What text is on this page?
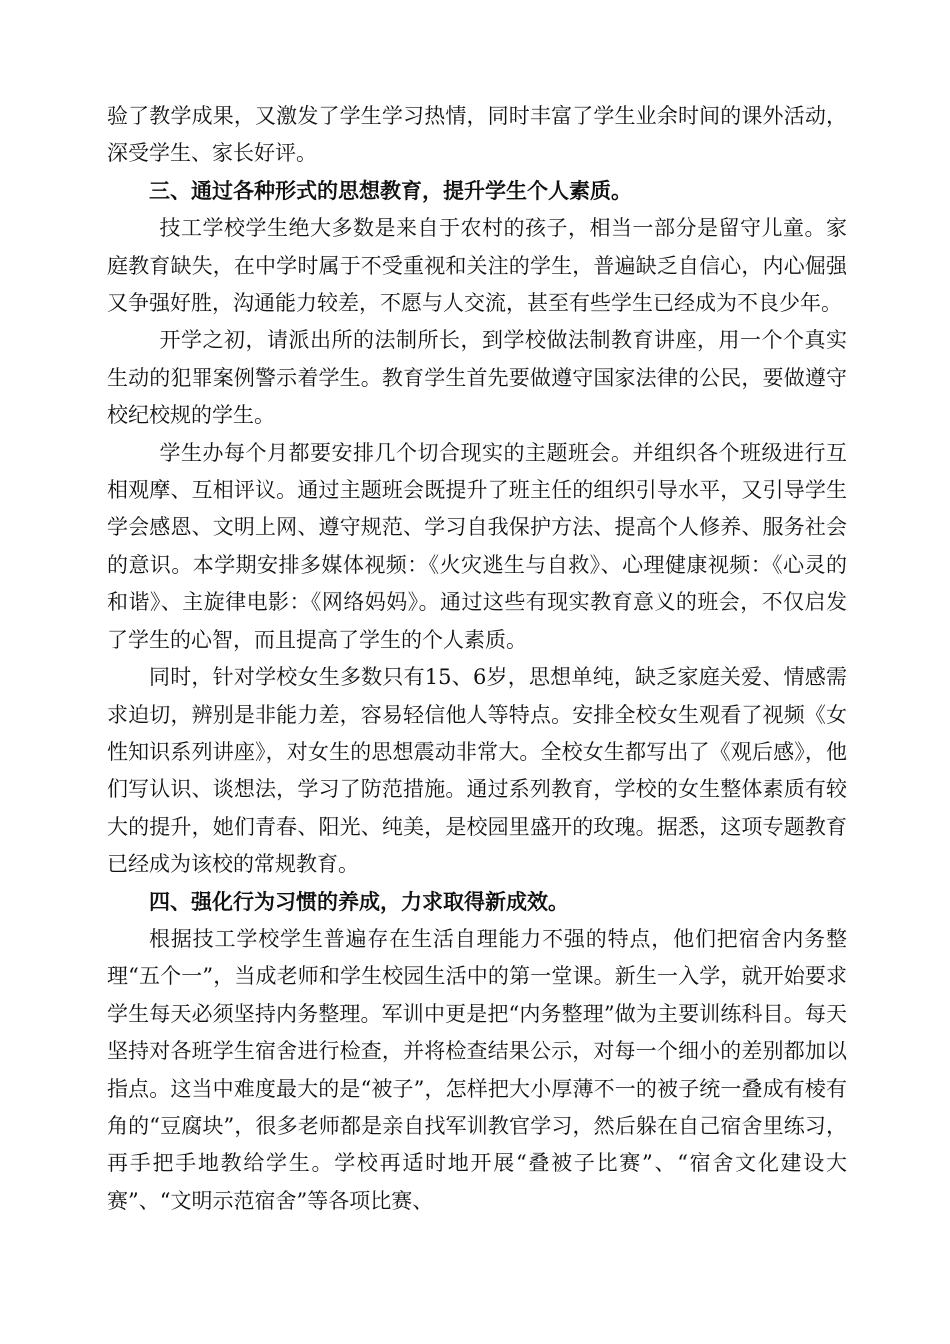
验了教学成果，又激发了学生学习热情，同时丰富了学生业余时间的课外活动，深受学生、家长好评。

三、通过各种形式的思想教育，提升学生个人素质。

技工学校学生绝大多数是来自于农村的孩子，相当一部分是留守儿童。家庭教育缺失，在中学时属于不受重视和关注的学生，普遍缺乏自信心，内心倔强又争强好胜，沟通能力较差，不愿与人交流，甚至有些学生已经成为不良少年。

开学之初，请派出所的法制所长，到学校做法制教育讲座，用一个个真实生动的犯罪案例警示着学生。教育学生首先要做遵守国家法律的公民，要做遵守校纪校规的学生。

学生办每个月都要安排几个切合现实的主题班会。并组织各个班级进行互相观摩、互相评议。通过主题班会既提升了班主任的组织引导水平，又引导学生学会感恩、文明上网、遵守规范、学习自我保护方法、提高个人修养、服务社会的意识。本学期安排多媒体视频：《火灾逃生与自救》、心理健康视频：《心灵的和谐》、主旋律电影：《网络妈妈》。通过这些有现实教育意义的班会，不仅启发了学生的心智，而且提高了学生的个人素质。

同时，针对学校女生多数只有15、6岁，思想单纯，缺乏家庭关爱、情感需求迫切，辨别是非能力差，容易轻信他人等特点。安排全校女生观看了视频《女性知识系列讲座》，对女生的思想震动非常大。全校女生都写出了《观后感》，他们写认识、谈想法，学习了防范措施。通过系列教育，学校的女生整体素质有较大的提升，她们青春、阳光、纯美，是校园里盛开的玫瑰。据悉，这项专题教育已经成为该校的常规教育。

四、强化行为习惯的养成，力求取得新成效。

根据技工学校学生普遍存在生活自理能力不强的特点，他们把宿舍内务整理“五个一”，当成老师和学生校园生活中的第一堂课。新生一入学，就开始要求学生每天必须坚持内务整理。军训中更是把“内务整理”做为主要训练科目。每天坚持对各班学生宿舍进行检查，并将检查结果公示，对每一个细小的差别都加以指点。这当中难度最大的是“被子”，怎样把大小厚薄不一的被子统一叠成有棱有角的“豆腐块”，很多老师都是亲自找军训教官学习，然后躲在自己宿舍里练习，再手把手地教给学生。学校再适时地开展“叠被子比赛”、“宿舍文化建设大赛”、“文明示范宿舍”等各项比赛、
